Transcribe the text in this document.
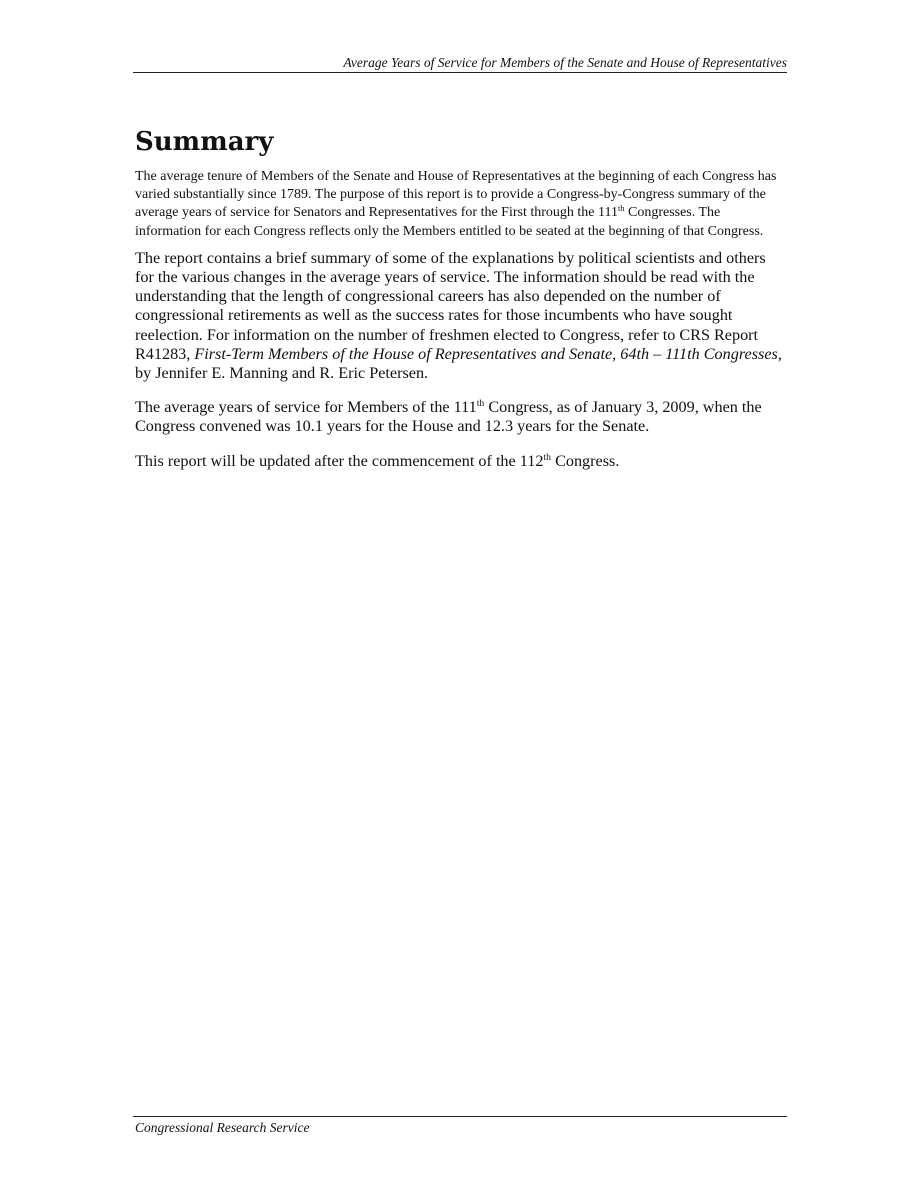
Average Years of Service for Members of the Senate and House of Representatives
Summary

The average tenure of Members of the Senate and House of Representatives at the beginning of each Congress has varied substantially since 1789. The purpose of this report is to provide a Congress-by-Congress summary of the average years of service for Senators and Representatives for the First through the 111th Congresses. The information for each Congress reflects only the Members entitled to be seated at the beginning of that Congress.

The report contains a brief summary of some of the explanations by political scientists and others for the various changes in the average years of service. The information should be read with the understanding that the length of congressional careers has also depended on the number of congressional retirements as well as the success rates for those incumbents who have sought reelection. For information on the number of freshmen elected to Congress, refer to CRS Report R41283, First-Term Members of the House of Representatives and Senate, 64th – 111th Congresses, by Jennifer E. Manning and R. Eric Petersen.

The average years of service for Members of the 111th Congress, as of January 3, 2009, when the Congress convened was 10.1 years for the House and 12.3 years for the Senate.

This report will be updated after the commencement of the 112th Congress.

Congressional Research Service
